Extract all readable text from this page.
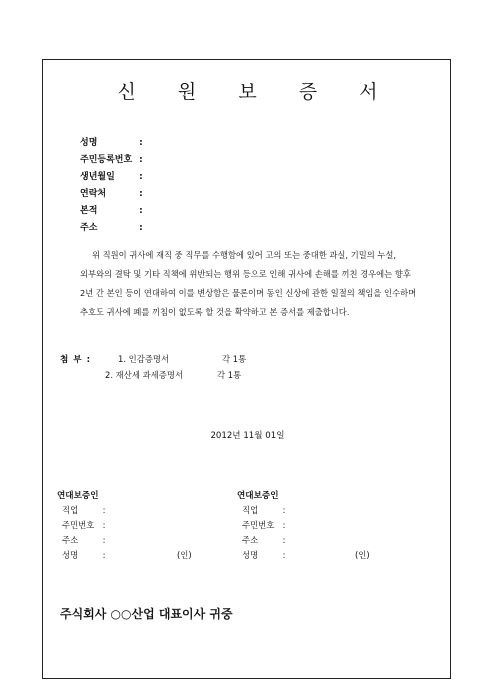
신 원 보 증 서
성명	:
주민등록번호 :
생년월일	:
연락처	:
본적	:
주소	:
위 직원이 귀사에 재직 중 직무를 수행함에 있어 고의 또는 중대한 과실, 기밀의 누설,
외부와의 결탁 및 기타 직책에 위반되는 행위 등으로 인해 귀사에 손해를 끼친 경우에는 향후
2년 간 본인 등이 연대하여 이를 변상함은 물론이며 동인 신상에 관한 일절의 책임을 인수하며
추호도 귀사에 폐를 끼침이 없도록 할 것을 확약하고 본 증서를 제출합니다.
첨 부 :	1. 인감증명서	각 1통
2. 재산세 과세증명서	각 1통
2012년 11월 01일
연대보증인
직업	:
주민번호 :
주소	:
성명	:	(인)
연대보증인
직업	:
주민번호 :
주소	:
성명	:	(인)
주식회사 ○○산업 대표이사 귀중
